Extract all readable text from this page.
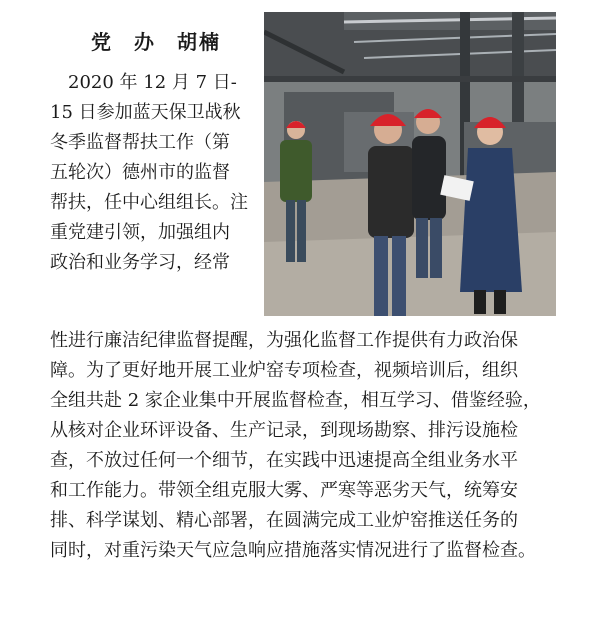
党 办 胡楠
　2020 年 12 月 7 日-
15 日参加蓝天保卫战秋
冬季监督帮扶工作（第
五轮次）德州市的监督
帮扶，任中心组组长。注
重党建引领，加强组内
政治和业务学习，经常
性进行廉洁纪律监督提醒，为强化监督工作提供有力政治保
障。为了更好地开展工业炉窑专项检查，视频培训后，组织
全组共赴 2 家企业集中开展监督检查，相互学习、借鉴经验，
从核对企业环评设备、生产记录，到现场勘察、排污设施检
查，不放过任何一个细节，在实践中迅速提高全组业务水平
和工作能力。带领全组克服大雾、严寒等恶劣天气，统筹安
排、科学谋划、精心部署，在圆满完成工业炉窑推送任务的
同时，对重污染天气应急响应措施落实情况进行了监督检查。
